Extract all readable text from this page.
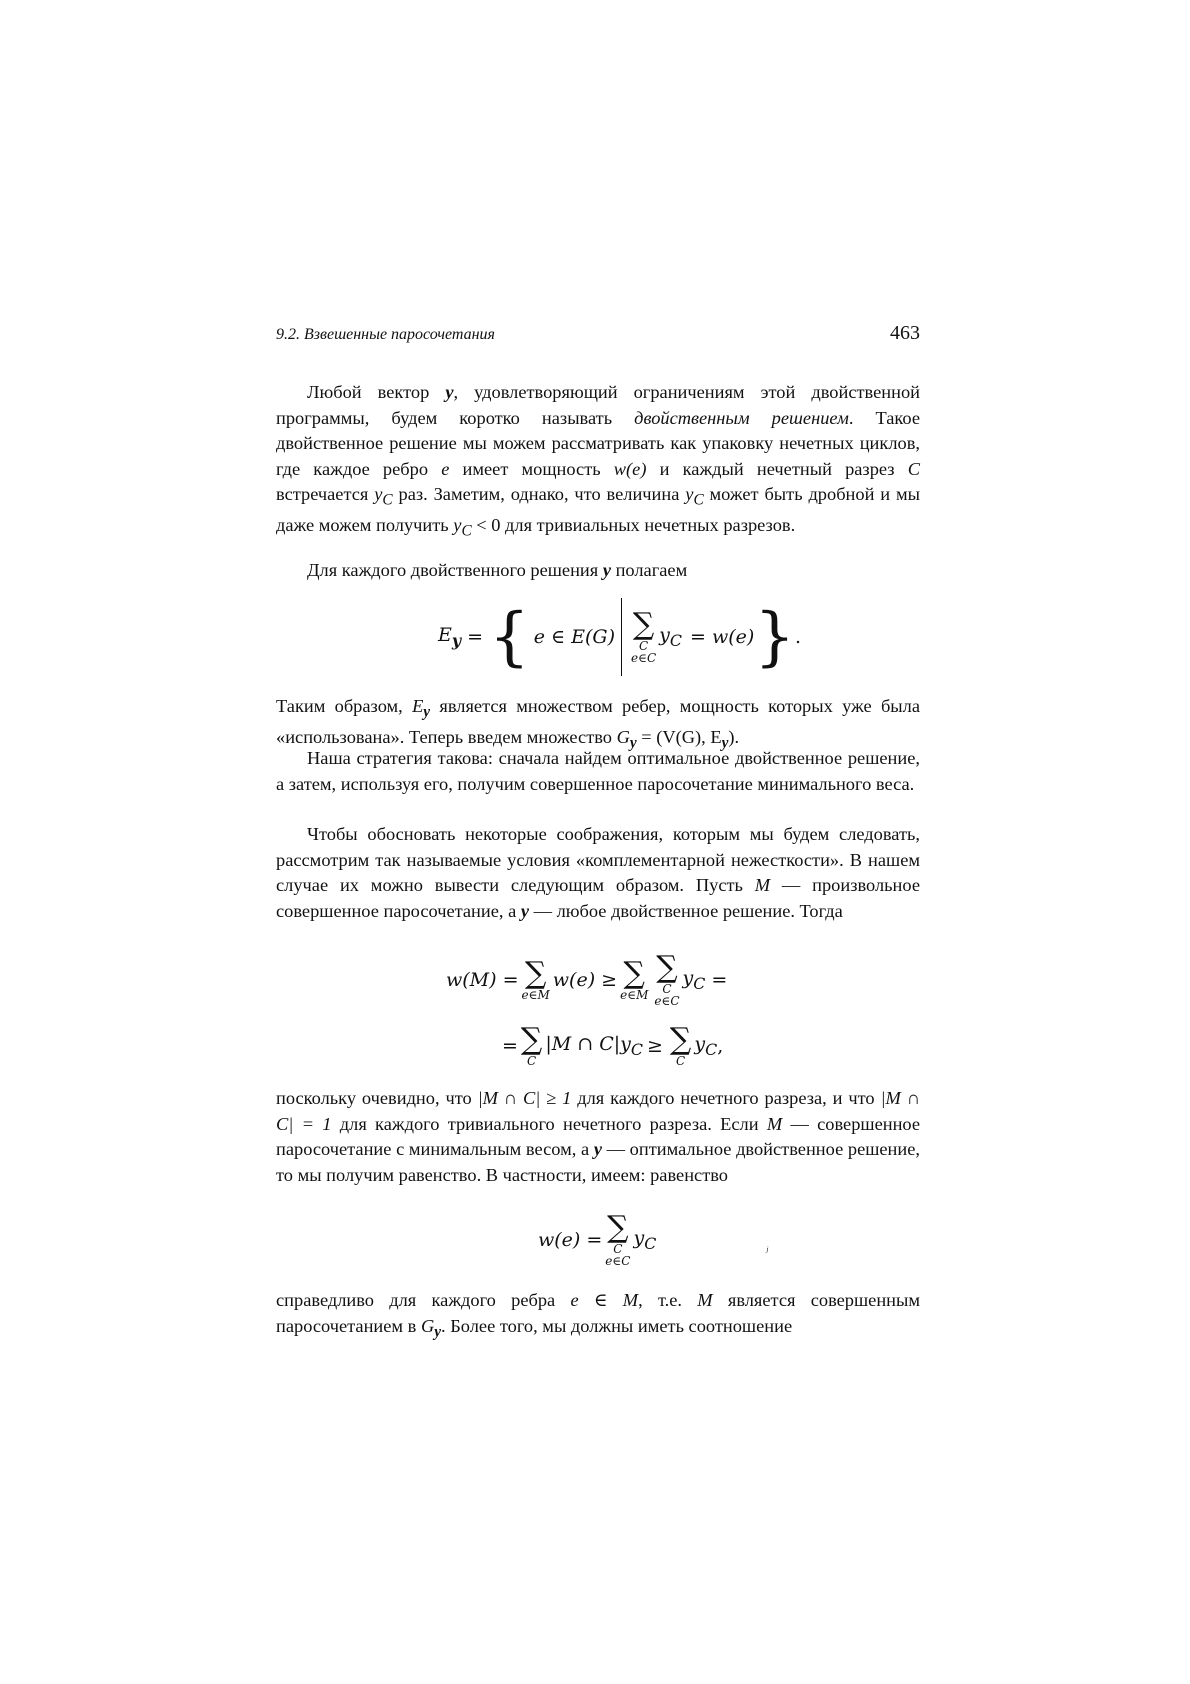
9.2. Взвешенные паросочетания	463

Любой вектор y, удовлетворяющий ограничениям этой двойственной программы, будем коротко называть двойственным решением. Такое двойственное решение мы можем рассматривать как упаковку нечетных циклов, где каждое ребро e имеет мощность w(e) и каждый нечетный разрез C встречается $y_C$ раз. Заметим, однако, что величина $y_C$ может быть дробной и мы даже можем получить $y_C < 0$ для тривиальных нечетных разрезов.

Для каждого двойственного решения y полагаем

$E_y$ = { e ∈ E(G) ∑
C
e∈C
$y_C = w(e)$ } .

Таким образом, $E_y$ является множеством ребер, мощность которых уже была «использована». Теперь введем множество $G_y = (V(G)$, $E_y$).

Наша стратегия такова: сначала найдем оптимальное двойственное решение, а затем, используя его, получим совершенное паросочетание минимального веса.

Чтобы обосновать некоторые соображения, которым мы будем следовать, рассмотрим так называемые условия «комплементарной нежесткости». В нашем случае их можно вывести следующим образом. Пусть M — произвольное совершенное паросочетание, а y — любое двойственное решение. Тогда

w(M) = ∑
e∈M
w(e) ≥ ∑
e∈M
∑
C
e∈C
$y_C$ =
= ∑
C
|M ∩ $C|y_C$ ≥ ∑
C
$y_C$ ,

поскольку очевидно, что |M ∩ C| ≥ 1 для каждого нечетного разреза, и что |M ∩ C| = 1 для каждого тривиального нечетного разреза. Если M — совершенное паросочетание с минимальным весом, а y — оптимальное двойственное решение, то мы получим равенство. В частности, имеем: равенство

w(e) = ∑
C
e∈C
$y_C$	ʲ

справедливо для каждого ребра e ∈ M, т.е. M является совершенным паросочетанием в $G_y$. Более того, мы должны иметь соотношение
